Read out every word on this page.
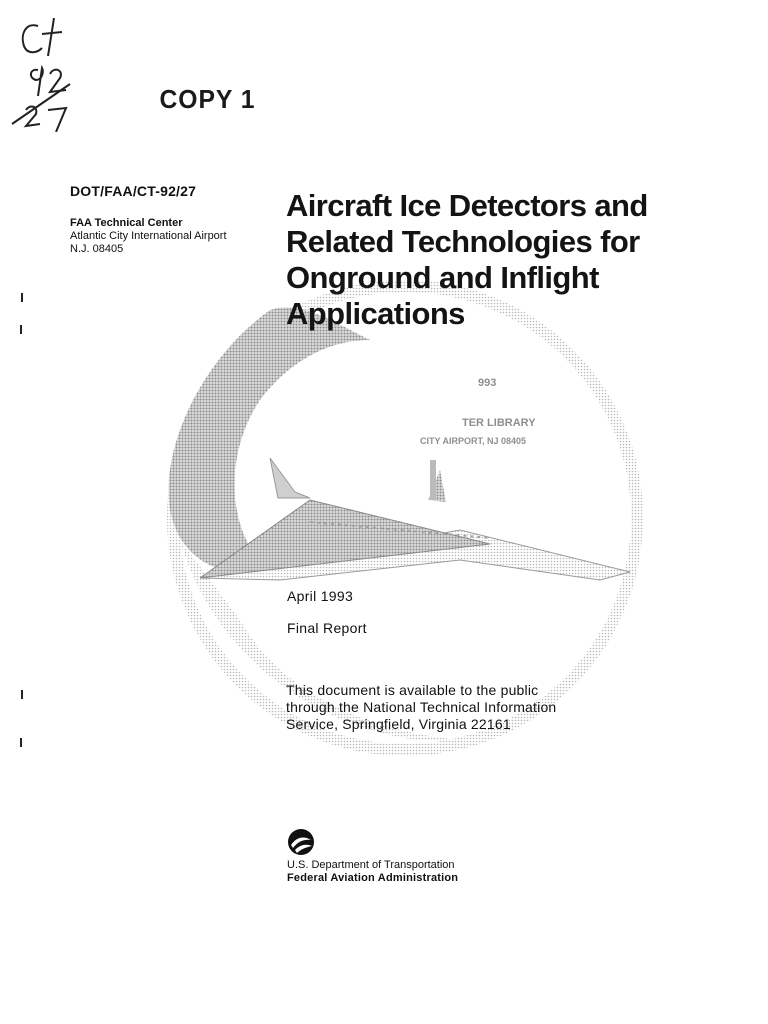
COPY 1
DOT/FAA/CT-92/27
FAA Technical Center
Atlantic City International Airport
N.J. 08405
Aircraft Ice Detectors and
Related Technologies for
Onground and Inflight
Applications
993
TER LIBRARY
CITY AIRPORT, NJ 08405
April 1993
Final Report
This document is available to the public
through the National Technical Information
Service, Springfield, Virginia 22161
U.S. Department of Transportation
Federal Aviation Administration
